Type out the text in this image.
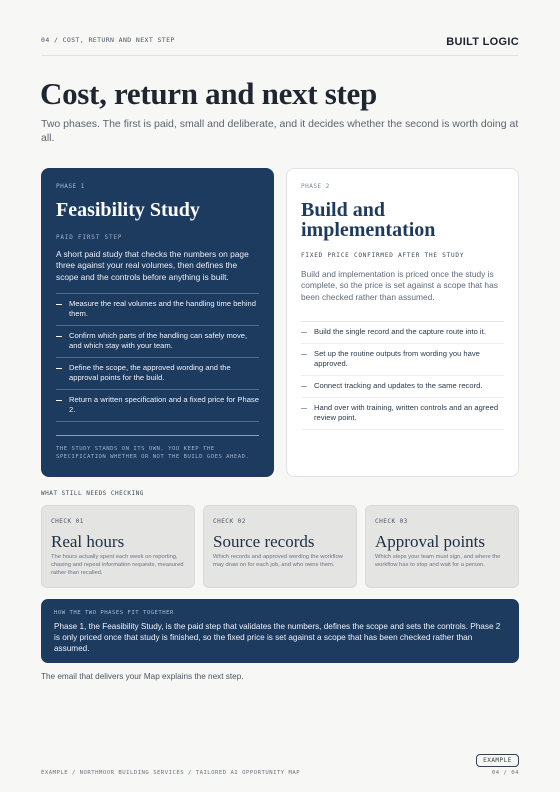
04 / COST, RETURN AND NEXT STEP	BUILT LOGIC
Cost, return and next step

Two phases. The first is paid, small and deliberate, and it decides whether the second is worth doing at all.

PHASE 1
Feasibility Study
PAID FIRST STEP

A short paid study that checks the numbers on page three against your real volumes, then defines the scope and the controls before anything is built.

Measure the real volumes and the handling time behind them.
Confirm which parts of the handling can safely move, and which stay with your team.
Define the scope, the approved wording and the approval points for the build.
Return a written specification and a fixed price for Phase 2.
THE STUDY STANDS ON ITS OWN. YOU KEEP THE SPECIFICATION WHETHER OR NOT THE BUILD GOES AHEAD.
PHASE 2
Build and implementation
FIXED PRICE CONFIRMED AFTER THE STUDY

Build and implementation is priced once the study is complete, so the price is set against a scope that has been checked rather than assumed.

Build the single record and the capture route into it.
Set up the routine outputs from wording you have approved.
Connect tracking and updates to the same record.
Hand over with training, written controls and an agreed review point.
WHAT STILL NEEDS CHECKING
CHECK 01
Real hours
The hours actually spent each week on reporting, chasing and repeat information requests, measured rather than recalled.
CHECK 02
Source records
Which records and approved wording the workflow may draw on for each job, and who owns them.
CHECK 03
Approval points
Which steps your team must sign, and where the workflow has to stop and wait for a person.
HOW THE TWO PHASES FIT TOGETHER

Phase 1, the Feasibility Study, is the paid step that validates the numbers, defines the scope and sets the controls. Phase 2 is only priced once that study is finished, so the fixed price is set against a scope that has been checked rather than assumed.

The email that delivers your Map explains the next step.

EXAMPLE
EXAMPLE / NORTHMOOR BUILDING SERVICES / TAILORED AI OPPORTUNITY MAP	04 / 04
